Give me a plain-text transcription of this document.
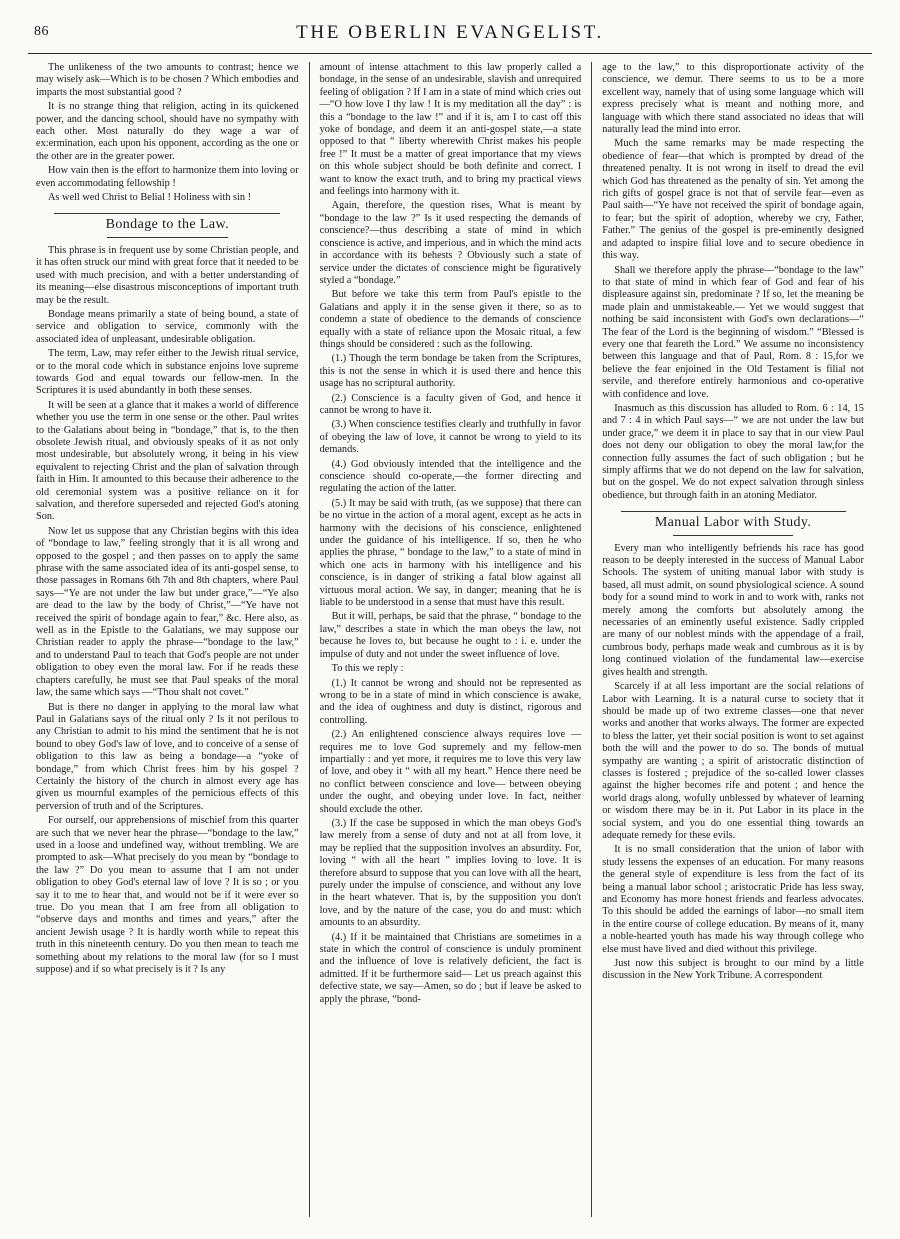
86	THE OBERLIN EVANGELIST.

The unlikeness of the two amounts to contrast; hence we may wisely ask—Which is to be chosen ? Which embodies and imparts the most substantial good ?

It is no strange thing that religion, acting in its quickened power, and the dancing school, should have no sympathy with each other. Most naturally do they wage a war of ex:ermination, each upon his opponent, according as the one or the other are in the greater power.

How vain then is the effort to harmonize them into loving or even accommodating fellowship !

As well wed Christ to Belial ! Holiness with sin !

Bondage to the Law.

This phrase is in frequent use by some Christian people, and it has often struck our mind with great force that it needed to be used with much precision, and with a better understanding of its meaning—else disastrous misconceptions of important truth may be the result.

Bondage means primarily a state of being bound, a state of service and obligation to service, commonly with the associated idea of unpleasant, undesirable obligation.

The term, Law, may refer either to the Jewish ritual service, or to the moral code which in substance enjoins love supreme towards God and equal towards our fellow-men. In the Scriptures it is used abundantly in both these senses.

It will be seen at a glance that it makes a world of difference whether you use the term in one sense or the other. Paul writes to the Galatians about being in “bondage,” that is, to the then obsolete Jewish ritual, and obviously speaks of it as not only most undesirable, but absolutely wrong, it being in his view equivalent to rejecting Christ and the plan of salvation through faith in Him. It amounted to this because their adherence to the old ceremonial system was a positive reliance on it for salvation, and therefore superseded and rejected God's atoning Son.

Now let us suppose that any Christian begins with this idea of “bondage to law,” feeling strongly that it is all wrong and opposed to the gospel ; and then passes on to apply the same phrase with the same associated idea of its anti-gospel sense, to those passages in Romans 6th 7th and 8th chapters, where Paul says—“Ye are not under the law but under grace,”—“Ye also are dead to the law by the body of Christ,”—“Ye have not received the spirit of bondage again to fear,” &c. Here also, as well as in the Epistle to the Galatians, we may suppose our Christian reader to apply the phrase—“bondage to the law,” and to understand Paul to teach that God's people are not under obligation to obey even the moral law. For if he reads these chapters carefully, he must see that Paul speaks of the moral law, the same which says —“Thou shalt not covet.”

But is there no danger in applying to the moral law what Paul in Galatians says of the ritual only ? Is it not perilous to any Christian to admit to his mind the sentiment that he is not bound to obey God's law of love, and to conceive of a sense of obligation to this law as being a bondage—a “yoke of bondage,” from which Christ frees him by his gospel ? Certainly the history of the church in almost every age has given us mournful examples of the pernicious effects of this perversion of truth and of the Scriptures.

For ourself, our apprehensions of mischief from this quarter are such that we never hear the phrase—“bondage to the law,” used in a loose and undefined way, without trembling. We are prompted to ask—What precisely do you mean by “bondage to the law ?” Do you mean to assume that I am not under obligation to obey God's eternal law of love ? It is so ; or you say it to me to hear that, and would not be if it were ever so true. Do you mean that I am free from all obligation to “observe days and months and times and years,” after the ancient Jewish usage ? It is hardly worth while to repeat this truth in this nineteenth century. Do you then mean to teach me something about my relations to the moral law (for so I must suppose) and if so what precisely is it ? Is any

amount of intense attachment to this law properly called a bondage, in the sense of an undesirable, slavish and unrequired feeling of obligation ? If I am in a state of mind which cries out—“O how love I thy law ! It is my meditation all the day” : is this a “bondage to the law !” and if it is, am I to cast off this yoke of bondage, and deem it an anti-gospel state,—a state opposed to that “ liberty wherewith Christ makes his people free !” It must be a matter of great importance that my views on this whole subject should be both definite and correct. I want to know the exact truth, and to bring my practical views and feelings into harmony with it.

Again, therefore, the question rises, What is meant by “bondage to the law ?” Is it used respecting the demands of conscience?—thus describing a state of mind in which conscience is active, and imperious, and in which the mind acts in accordance with its behests ? Obviously such a state of service under the dictates of conscience might be figuratively styled a “bondage.”

But before we take this term from Paul's epistle to the Galatians and apply it in the sense given it there, so as to condemn a state of obedience to the demands of conscience equally with a state of reliance upon the Mosaic ritual, a few things should be considered : such as the following.

(1.) Though the term bondage be taken from the Scriptures, this is not the sense in which it is used there and hence this usage has no scriptural authority.

(2.) Conscience is a faculty given of God, and hence it cannot be wrong to have it.

(3.) When conscience testifies clearly and truthfully in favor of obeying the law of love, it cannot be wrong to yield to its demands.

(4.) God obviously intended that the intelligence and the conscience should co-operate,—the former directing and regulating the action of the latter.

(5.) It may be said with truth, (as we suppose) that there can be no virtue in the action of a moral agent, except as he acts in harmony with the decisions of his conscience, enlightened under the guidance of his intelligence. If so, then he who applies the phrase, “ bondage to the law,” to a state of mind in which one acts in harmony with his intelligence and his conscience, is in danger of striking a fatal blow against all virtuous moral action. We say, in danger; meaning that he is liable to be understood in a sense that must have this result.

But it will, perhaps, be said that the phrase, “ bondage to the law,” describes a state in which the man obeys the law, not because he loves to, but because he ought to : i. e. under the impulse of duty and not under the sweet influence of love.

To this we reply :

(1.) It cannot be wrong and should not be represented as wrong to be in a state of mind in which conscience is awake, and the idea of oughtness and duty is distinct, rigorous and controlling.

(2.) An enlightened conscience always requires love —requires me to love God supremely and my fellow-men impartially : and yet more, it requires me to love this very law of love, and obey it “ with all my heart.” Hence there need be no conflict between conscience and love— between obeying under the ought, and obeying under love. In fact, neither should exclude the other.

(3.) If the case be supposed in which the man obeys God's law merely from a sense of duty and not at all from love, it may be replied that the supposition involves an absurdity. For, loving “ with all the heart ” implies loving to love. It is therefore absurd to suppose that you can love with all the heart, purely under the impulse of conscience, and without any love in the heart whatever. That is, by the supposition you don't love, and by the nature of the case, you do and must: which amounts to an absurdity.

(4.) If it be maintained that Christians are sometimes in a state in which the control of conscience is unduly prominent and the influence of love is relatively deficient, the fact is admitted. If it be furthermore said— Let us preach against this defective state, we say—Amen, so do ; but if leave be asked to apply the phrase, “bond-

age to the law,” to this disproportionate activity of the conscience, we demur. There seems to us to be a more excellent way, namely that of using some language which will express precisely what is meant and nothing more, and language with which there stand associated no ideas that will naturally lead the mind into error.

Much the same remarks may be made respecting the obedience of fear—that which is prompted by dread of the threatened penalty. It is not wrong in itself to dread the evil which God has threatened as the penalty of sin. Yet among the rich gifts of gospel grace is not that of servile fear—even as Paul saith—“Ye have not received the spirit of bondage again, to fear; but the spirit of adoption, whereby we cry, Father, Father.” The genius of the gospel is pre-eminently designed and adapted to inspire filial love and to secure obedience in this way.

Shall we therefore apply the phrase—“bondage to the law” to that state of mind in which fear of God and fear of his displeasure against sin, predominate ? If so, let the meaning be made plain and unmistakeable.— Yet we would suggest that nothing be said inconsistent with God's own declarations—“ The fear of the Lord is the beginning of wisdom.” “Blessed is every one that feareth the Lord.” We assume no inconsistency between this language and that of Paul, Rom. 8 : 15,for we believe the fear enjoined in the Old Testament is filial not servile, and therefore entirely harmonious and co-operative with confidence and love.

Inasmuch as this discussion has alluded to Rom. 6 : 14, 15 and 7 : 4 in which Paul says—“ we are not under the law but under grace,” we deem it in place to say that in our view Paul does not deny our obligation to obey the moral law,for the connection fully assumes the fact of such obligation ; but he simply affirms that we do not depend on the law for salvation, but on the gospel. We do not expect salvation through sinless obedience, but through faith in an atoning Mediator.

Manual Labor with Study.

Every man who intelligently befriends his race has good reason to be deeply interested in the success of Manual Labor Schools. The system of uniting manual labor with study is based, all must admit, on sound physiological science. A sound body for a sound mind to work in and to work with, ranks not merely among the comforts but absolutely among the necessaries of an eminently useful existence. Sadly crippled are many of our noblest minds with the appendage of a frail, cumbrous body, perhaps made weak and cumbrous as it is by long continued violation of the fundamental law—exercise gives health and strength.

Scarcely if at all less important are the social relations of Labor with Learning. It is a natural curse to society that it should be made up of two extreme classes—one that never works and another that works always. The former are expected to bless the latter, yet their social position is wont to set against both the will and the power to do so. The bonds of mutual sympathy are wanting ; a spirit of aristocratic distinction of classes is fostered ; prejudice of the so-called lower classes against the higher becomes rife and potent ; and hence the world drags along, wofully unblessed by whatever of learning or wisdom there may be in it. Put Labor in its place in the social system, and you do one essential thing towards an adequate remedy for these evils.

It is no small consideration that the union of labor with study lessens the expenses of an education. For many reasons the general style of expenditure is less from the fact of its being a manual labor school ; aristocratic Pride has less sway, and Economy has more honest friends and fearless advocates. To this should be added the earnings of labor—no small item in the entire course of college education. By means of it, many a noble-hearted youth has made his way through college who else must have lived and died without this privilege.

Just now this subject is brought to our mind by a little discussion in the New York Tribune. A correspondent
